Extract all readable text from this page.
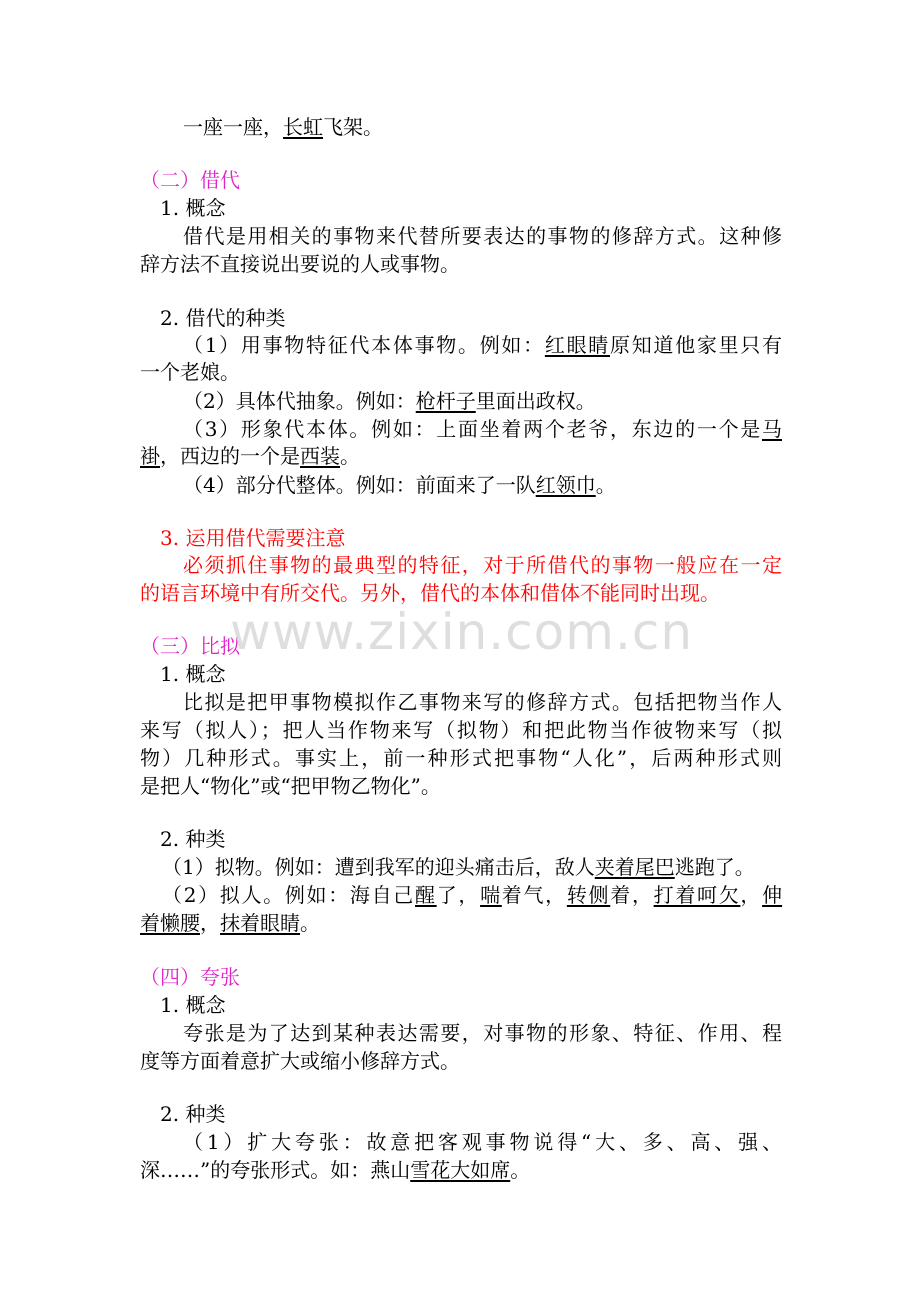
一座一座，长虹飞架。
（二）借代
1. 概念
借代是用相关的事物来代替所要表达的事物的修辞方式。这种修
辞方法不直接说出要说的人或事物。
2. 借代的种类
（1）用事物特征代本体事物。例如：红眼睛原知道他家里只有
一个老娘。
（2）具体代抽象。例如：枪杆子里面出政权。
（3）形象代本体。例如：上面坐着两个老爷，东边的一个是马
褂，西边的一个是西装。
（4）部分代整体。例如：前面来了一队红领巾。
3. 运用借代需要注意
必须抓住事物的最典型的特征，对于所借代的事物一般应在一定
的语言环境中有所交代。另外，借代的本体和借体不能同时出现。
（三）比拟
1. 概念
比拟是把甲事物模拟作乙事物来写的修辞方式。包括把物当作人
来写（拟人）；把人当作物来写（拟物）和把此物当作彼物来写（拟
物）几种形式。事实上，前一种形式把事物“人化”，后两种形式则
是把人“物化”或“把甲物乙物化”。
2. 种类
（1）拟物。例如：遭到我军的迎头痛击后，敌人夹着尾巴逃跑了。
（2）拟人。例如：海自己醒了，喘着气，转侧着，打着呵欠，伸
着懒腰，抹着眼睛。
（四）夸张
1. 概念
夸张是为了达到某种表达需要，对事物的形象、特征、作用、程
度等方面着意扩大或缩小修辞方式。
2. 种类
（1）扩大夸张：故意把客观事物说得“大、多、高、强、
深……”的夸张形式。如：燕山雪花大如席。
www.zixin.com.cn
